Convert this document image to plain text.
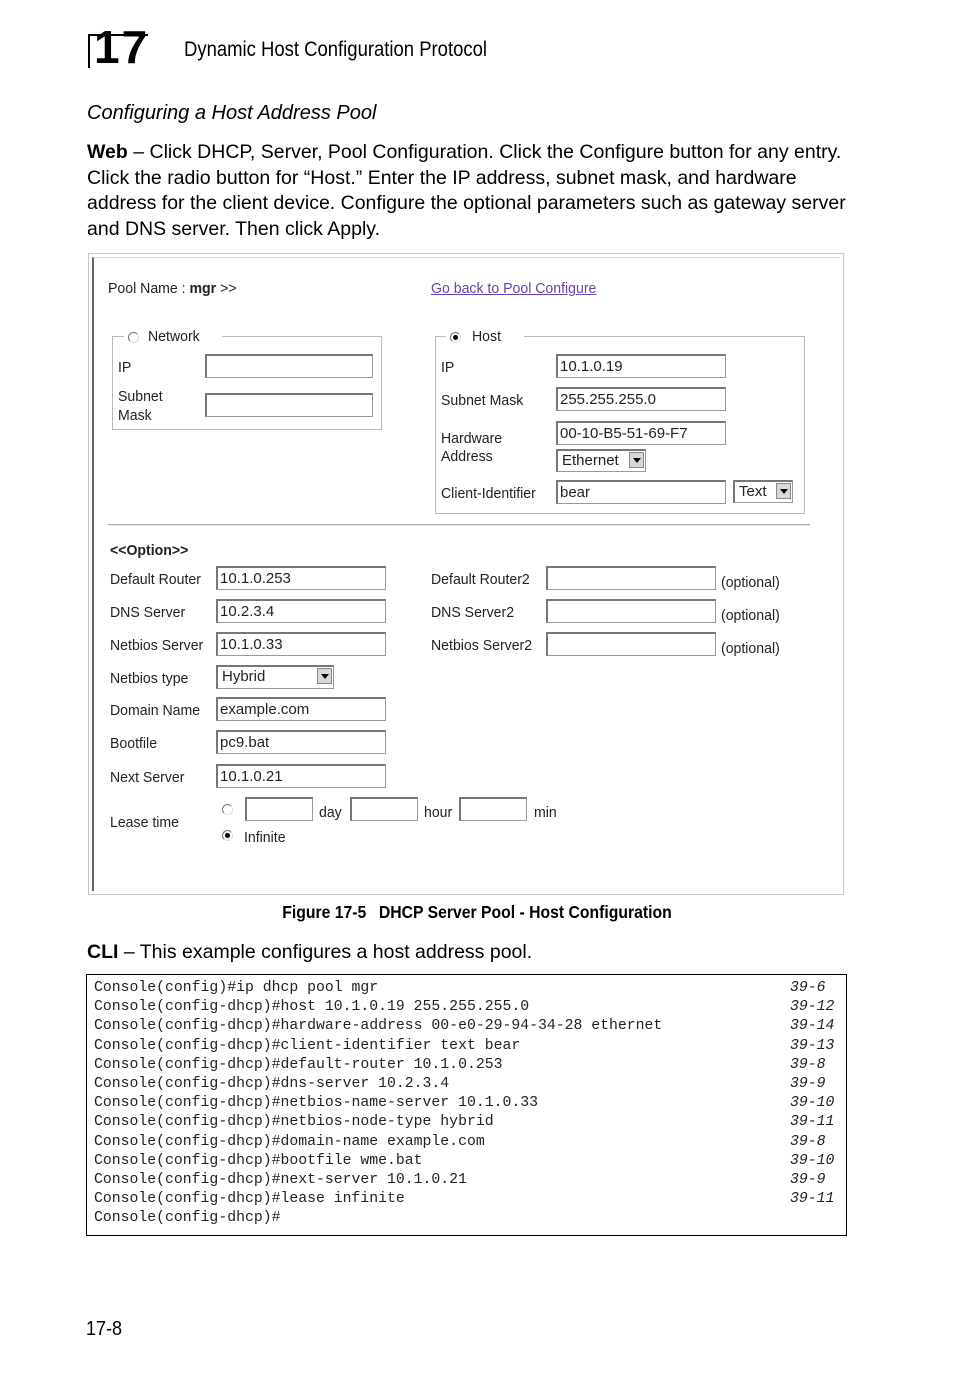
17 Dynamic Host Configuration Protocol
Configuring a Host Address Pool
Web – Click DHCP, Server, Pool Configuration. Click the Configure button for any entry. Click the radio button for “Host.” Enter the IP address, subnet mask, and hardware address for the client device. Configure the optional parameters such as gateway server and DNS server. Then click Apply.
Pool Name : mgr >>	Go back to Pool Configure
Network
IP
Subnet
Mask
Host
IP	10.1.0.19
Subnet Mask 255.255.255.0
Hardware
Address
00-10-B5-51-69-F7
Ethernet
Client-Identifier bear	Text
<<Option>>
Default Router 10.1.0.253
DNS Server 10.2.3.4
Netbios Server 10.1.0.33
Netbios type	Hybrid
Domain Name example.com
Bootfile	pc9.bat
Next Server 10.1.0.21
Default Router2	(optional)
DNS Server2	(optional)
Netbios Server2	(optional)
Lease time
day	hour	min
Infinite
Figure 17-5 DHCP Server Pool - Host Configuration
CLI – This example configures a host address pool.
Console(config)#ip dhcp pool mgr	39-6
Console(config-dhcp)#host 10.1.0.19 255.255.255.0	39-12
Console(config-dhcp)#hardware-address 00-e0-29-94-34-28 ethernet	39-14
Console(config-dhcp)#client-identifier text bear	39-13
Console(config-dhcp)#default-router 10.1.0.253	39-8
Console(config-dhcp)#dns-server 10.2.3.4	39-9
Console(config-dhcp)#netbios-name-server 10.1.0.33	39-10
Console(config-dhcp)#netbios-node-type hybrid	39-11
Console(config-dhcp)#domain-name example.com	39-8
Console(config-dhcp)#bootfile wme.bat	39-10
Console(config-dhcp)#next-server 10.1.0.21	39-9
Console(config-dhcp)#lease infinite	39-11
Console(config-dhcp)#
17-8
